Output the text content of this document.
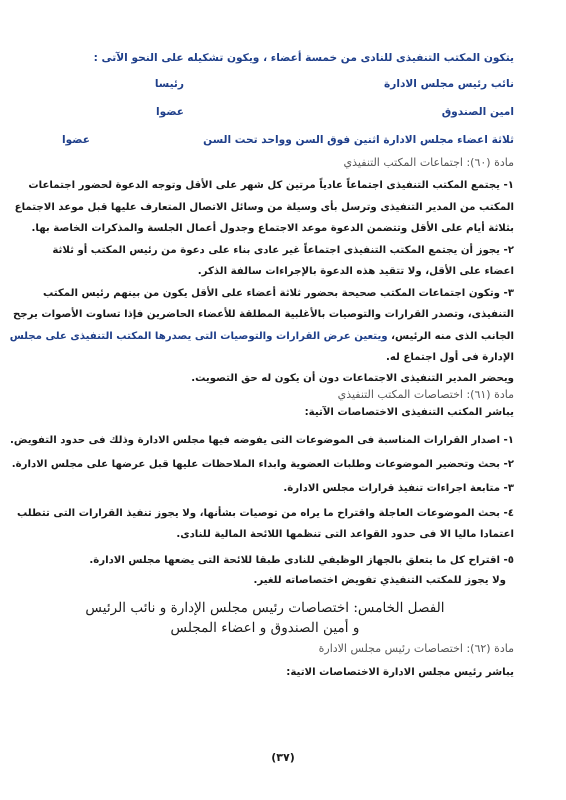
يتكون المكتب التنفيذى للنادى من خمسة أعضاء ، ويكون تشكيله على النحو الآتى :

نائب رئيس مجلس الادارة
رئيسا
امين الصندوق
عضوا
ثلاثة اعضاء مجلس الادارة اثنين فوق السن وواحد تحت السن
عضوا

مادة (٦٠): اجتماعات المكتب التنفيذي

١- يجتمع المكتب التنفيذى اجتماعاً عادياً مرتين كل شهر على الأقل وتوجه الدعوة لحضور اجتماعات
المكتب من المدير التنفيذى وترسل بأى وسيلة من وسائل الاتصال المتعارف عليها قبل موعد الاجتماع
بثلاثة أيام على الأقل وتتضمن الدعوة موعد الاجتماع وجدول أعمال الجلسة والمذكرات الخاصة بها.

٢- يجوز أن يجتمع المكتب التنفيذى اجتماعاً غير عادى بناء على دعوة من رئيس المكتب أو ثلاثة
اعضاء على الأقل، ولا تتقيد هذه الدعوة بالإجراءات سالفة الذكر.

٣- وتكون اجتماعات المكتب صحيحة بحضور ثلاثة أعضاء على الأقل يكون من بينهم رئيس المكتب
التنفيذى، وتصدر القرارات والتوصيات بالأغلبية المطلقة للأعضاء الحاضرين فإذا تساوت الأصوات يرجح
الجانب الذى منه الرئيس، ويتعين عرض القرارات والتوصيات التى يصدرها المكتب التنفيذى على مجلس
الإدارة فى أول اجتماع له.

ويحضر المدير التنفيذى الاجتماعات دون أن يكون له حق التصويت.

مادة (٦١): اختصاصات المكتب التنفيذي

يباشر المكتب التنفيذى الاختصاصات الآتية:

١- اصدار القرارات المناسبة فى الموضوعات التى يفوضه فيها مجلس الادارة وذلك فى حدود التفويض.

٢- بحث وتحضير الموضوعات وطلبات العضوية وابداء الملاحظات عليها قبل عرضها على مجلس الادارة.

٣- متابعة اجراءات تنفيذ قرارات مجلس الادارة.

٤- بحث الموضوعات العاجلة واقتراح ما يراه من توصيات بشأنها، ولا يجوز تنفيذ القرارات التى تتطلب
اعتمادا ماليا الا فى حدود القواعد التى تنظمها اللائحة المالية للنادى.

٥- اقتراح كل ما يتعلق بالجهاز الوظيفي للنادى طبقا للائحة التى يضعها مجلس الادارة.

ولا يجوز للمكتب التنفيذي تفويض اختصاصاته للغير.

الفصل الخامس: اختصاصات رئيس مجلس الإدارة و نائب الرئيس
و أمين الصندوق و اعضاء المجلس

مادة (٦٢): اختصاصات رئيس مجلس الادارة

يباشر رئيس مجلس الادارة الاختصاصات الاتية:

(٣٧)
